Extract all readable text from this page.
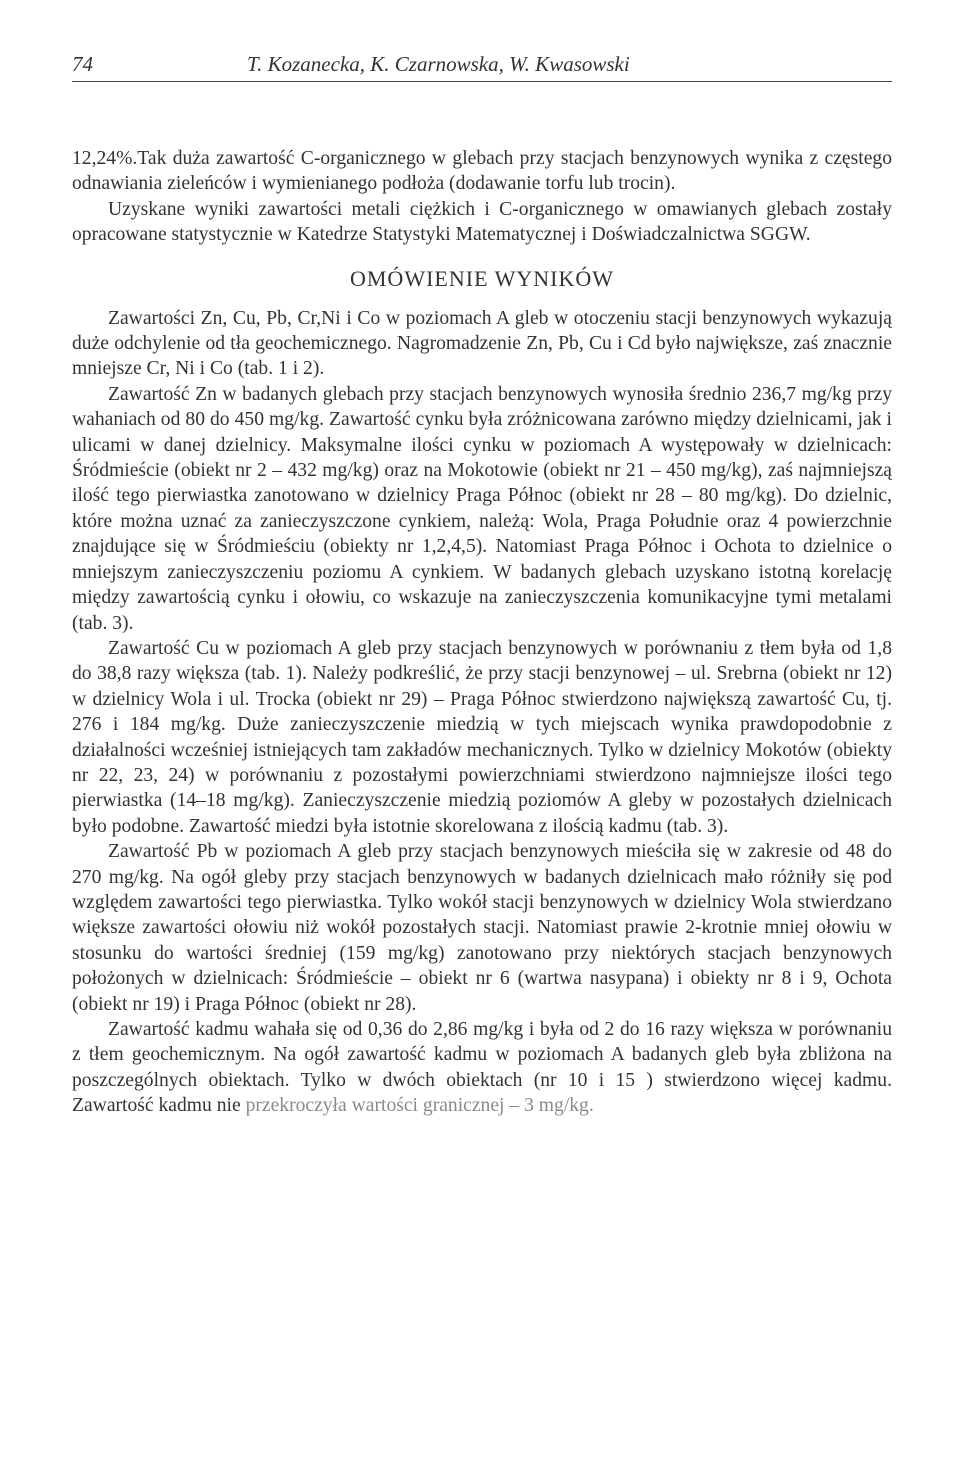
74	T. Kozanecka, K. Czarnowska, W. Kwasowski

12,24%.Tak duża zawartość C-organicznego w glebach przy stacjach benzynowych wynika z częstego odnawiania zieleńców i wymienianego podłoża (dodawanie torfu lub trocin).

Uzyskane wyniki zawartości metali ciężkich i C-organicznego w omawianych glebach zostały opracowane statystycznie w Katedrze Statystyki Matematycznej i Doświadczalnictwa SGGW.

OMÓWIENIE WYNIKÓW

Zawartości Zn, Cu, Pb, Cr,Ni i Co w poziomach A gleb w otoczeniu stacji benzynowych wykazują duże odchylenie od tła geochemicznego. Nagromadzenie Zn, Pb, Cu i Cd było największe, zaś znacznie mniejsze Cr, Ni i Co (tab. 1 i 2).

Zawartość Zn w badanych glebach przy stacjach benzynowych wynosiła średnio 236,7 mg/kg przy wahaniach od 80 do 450 mg/kg. Zawartość cynku była zróżnicowana zarówno między dzielnicami, jak i ulicami w danej dzielnicy. Maksymalne ilości cynku w poziomach A występowały w dzielnicach: Śródmieście (obiekt nr 2 – 432 mg/kg) oraz na Mokotowie (obiekt nr 21 – 450 mg/kg), zaś najmniejszą ilość tego pierwiastka zanotowano w dzielnicy Praga Północ (obiekt nr 28 – 80 mg/kg). Do dzielnic, które można uznać za zanieczyszczone cynkiem, należą: Wola, Praga Południe oraz 4 powierzchnie znajdujące się w Śródmieściu (obiekty nr 1,2,4,5). Natomiast Praga Północ i Ochota to dzielnice o mniejszym zanieczyszczeniu poziomu A cynkiem. W badanych glebach uzyskano istotną korelację między zawartością cynku i ołowiu, co wskazuje na zanieczyszczenia komunikacyjne tymi metalami (tab. 3).

Zawartość Cu w poziomach A gleb przy stacjach benzynowych w porównaniu z tłem była od 1,8 do 38,8 razy większa (tab. 1). Należy podkreślić, że przy stacji benzynowej – ul. Srebrna (obiekt nr 12) w dzielnicy Wola i ul. Trocka (obiekt nr 29) – Praga Północ stwierdzono największą zawartość Cu, tj. 276 i 184 mg/kg. Duże zanieczyszczenie miedzią w tych miejscach wynika prawdopodobnie z działalności wcześniej istniejących tam zakładów mechanicznych. Tylko w dzielnicy Mokotów (obiekty nr 22, 23, 24) w porównaniu z pozostałymi powierzchniami stwierdzono najmniejsze ilości tego pierwiastka (14–18 mg/kg). Zanieczyszczenie miedzią poziomów A gleby w pozostałych dzielnicach było podobne. Zawartość miedzi była istotnie skorelowana z ilością kadmu (tab. 3).

Zawartość Pb w poziomach A gleb przy stacjach benzynowych mieściła się w zakresie od 48 do 270 mg/kg. Na ogół gleby przy stacjach benzynowych w badanych dzielnicach mało różniły się pod względem zawartości tego pierwiastka. Tylko wokół stacji benzynowych w dzielnicy Wola stwierdzano większe zawartości ołowiu niż wokół pozostałych stacji. Natomiast prawie 2-krotnie mniej ołowiu w stosunku do wartości średniej (159 mg/kg) zanotowano przy niektórych stacjach benzynowych położonych w dzielnicach: Śródmieście – obiekt nr 6 (wartwa nasypana) i obiekty nr 8 i 9, Ochota (obiekt nr 19) i Praga Północ (obiekt nr 28).

Zawartość kadmu wahała się od 0,36 do 2,86 mg/kg i była od 2 do 16 razy większa w porównaniu z tłem geochemicznym. Na ogół zawartość kadmu w poziomach A badanych gleb była zbliżona na poszczególnych obiektach. Tylko w dwóch obiektach (nr 10 i 15 ) stwierdzono więcej kadmu. Zawartość kadmu nie przekroczyła wartości granicznej – 3 mg/kg.
